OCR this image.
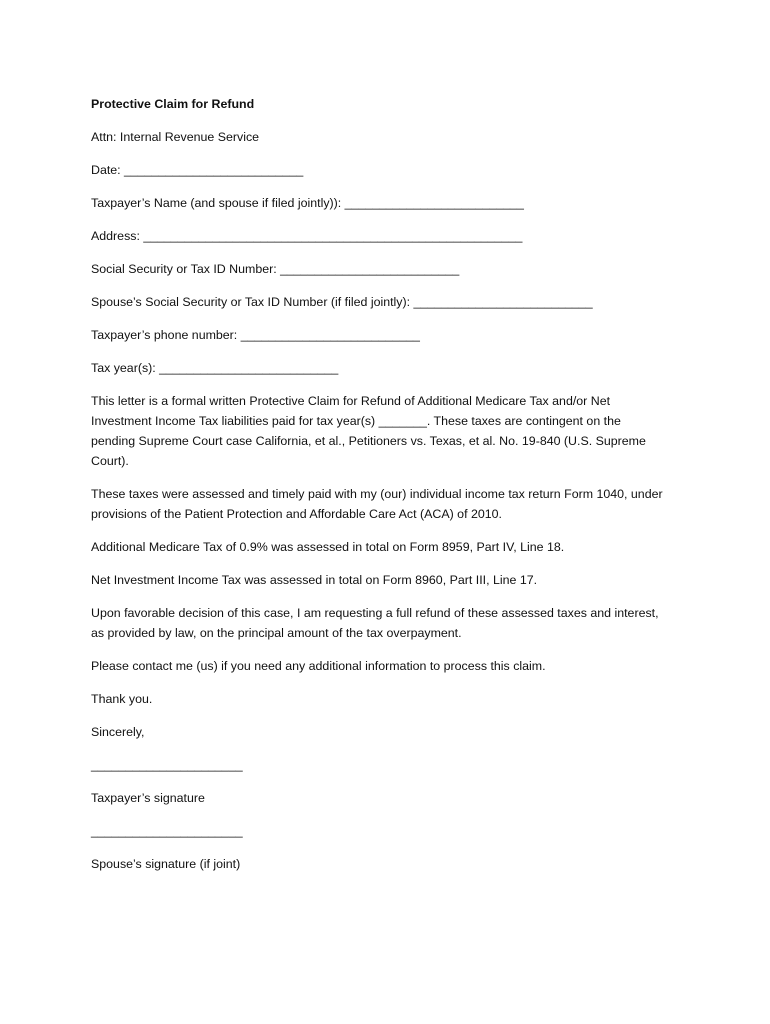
Protective Claim for Refund

Attn: Internal Revenue Service

Date: __________________________

Taxpayer’s Name (and spouse if filed jointly)): __________________________

Address: _______________________________________________________

Social Security or Tax ID Number: __________________________

Spouse’s Social Security or Tax ID Number (if filed jointly): __________________________

Taxpayer’s phone number: __________________________

Tax year(s): __________________________

This letter is a formal written Protective Claim for Refund of Additional Medicare Tax and/or Net

Investment Income Tax liabilities paid for tax year(s) _______. These taxes are contingent on the

pending Supreme Court case California, et al., Petitioners vs. Texas, et al. No. 19-840 (U.S. Supreme

Court).

These taxes were assessed and timely paid with my (our) individual income tax return Form 1040, under

provisions of the Patient Protection and Affordable Care Act (ACA) of 2010.

Additional Medicare Tax of 0.9% was assessed in total on Form 8959, Part IV, Line 18.

Net Investment Income Tax was assessed in total on Form 8960, Part III, Line 17.

Upon favorable decision of this case, I am requesting a full refund of these assessed taxes and interest,

as provided by law, on the principal amount of the tax overpayment.

Please contact me (us) if you need any additional information to process this claim.

Thank you.

Sincerely,

______________________

Taxpayer’s signature

______________________

Spouse’s signature (if joint)
